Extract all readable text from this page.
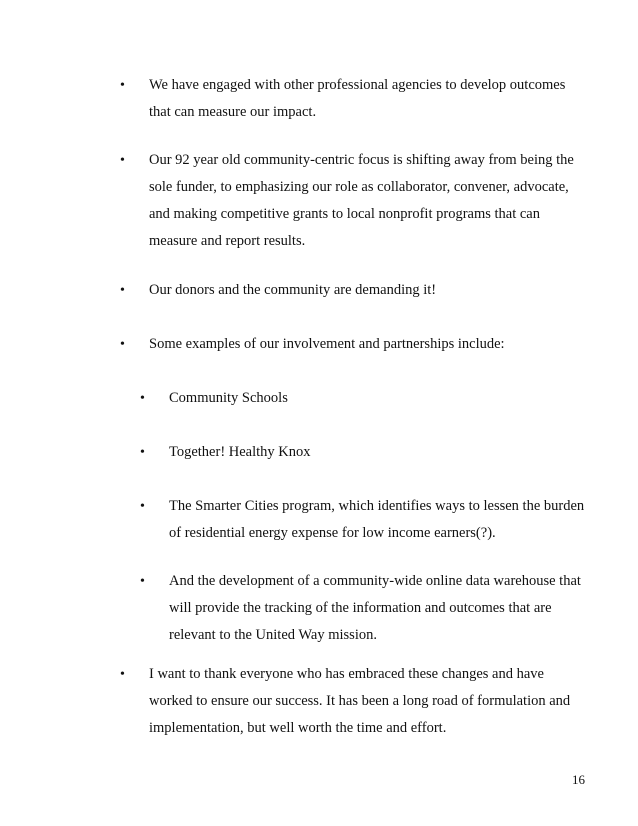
• We have engaged with other professional agencies to develop outcomes
that can measure our impact.
• Our 92 year old community-centric focus is shifting away from being the
sole funder, to emphasizing our role as collaborator, convener, advocate,
and making competitive grants to local nonprofit programs that can
measure and report results.
• Our donors and the community are demanding it!
• Some examples of our involvement and partnerships include:
• Community Schools
• Together! Healthy Knox
• The Smarter Cities program, which identifies ways to lessen the burden
of residential energy expense for low income earners(?).
• And the development of a community-wide online data warehouse that
will provide the tracking of the information and outcomes that are
relevant to the United Way mission.
• I want to thank everyone who has embraced these changes and have
worked to ensure our success. It has been a long road of formulation and
implementation, but well worth the time and effort.
16
